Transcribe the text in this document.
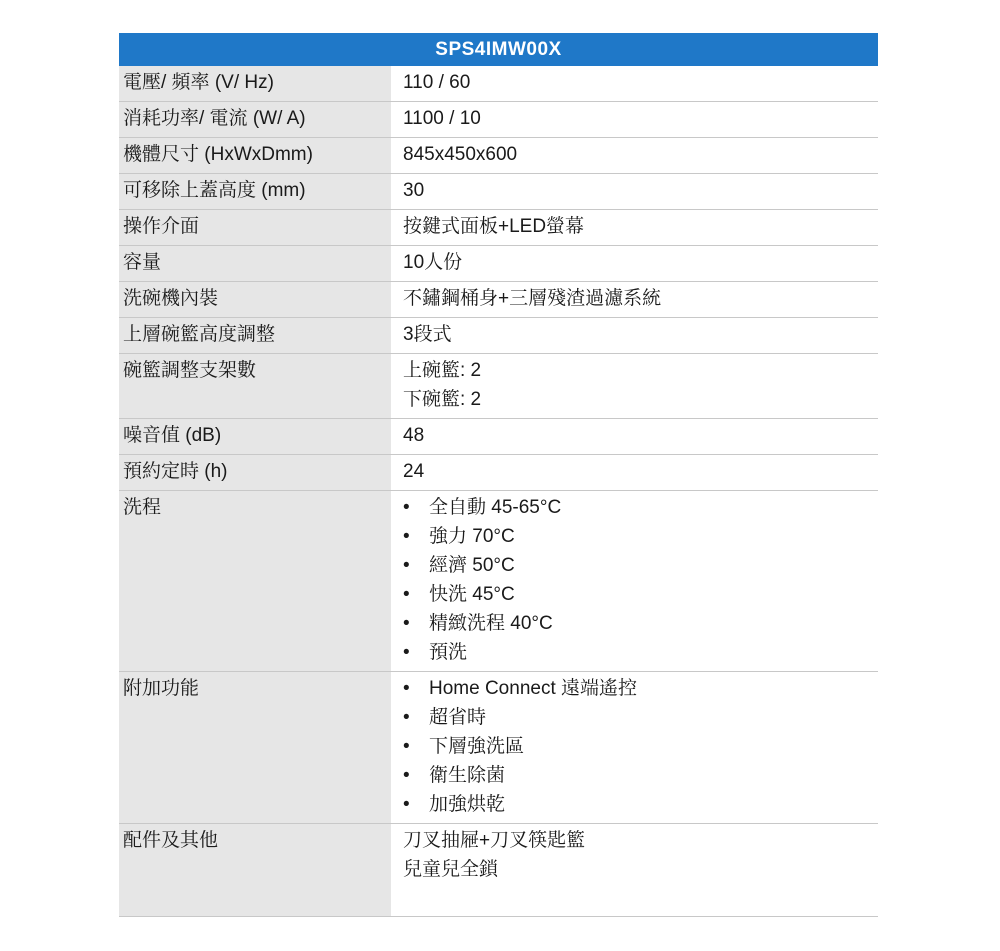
SPS4IMW00X
電壓/ 頻率 (V/ Hz)	110 / 60
消耗功率/ 電流 (W/ A)	1100 / 10
機體尺寸 (HxWxDmm)	845x450x600
可移除上蓋高度 (mm)	30
操作介面	按鍵式面板+LED螢幕
容量	10人份
洗碗機內裝	不鏽鋼桶身+三層殘渣過濾系統
上層碗籃高度調整	3段式
碗籃調整支架數	上碗籃: 2
下碗籃: 2
噪音值 (dB)	48
預約定時 (h)	24
洗程	•	全自動 45-65°C
•	強力 70°C
•	經濟 50°C
•	快洗 45°C
•	精緻洗程 40°C
•	預洗
附加功能	•	Home Connect 遠端遙控
•	超省時
•	下層強洗區
•	衛生除菌
•	加強烘乾
配件及其他	刀叉抽屜+刀叉筷匙籃
兒童兒全鎖
